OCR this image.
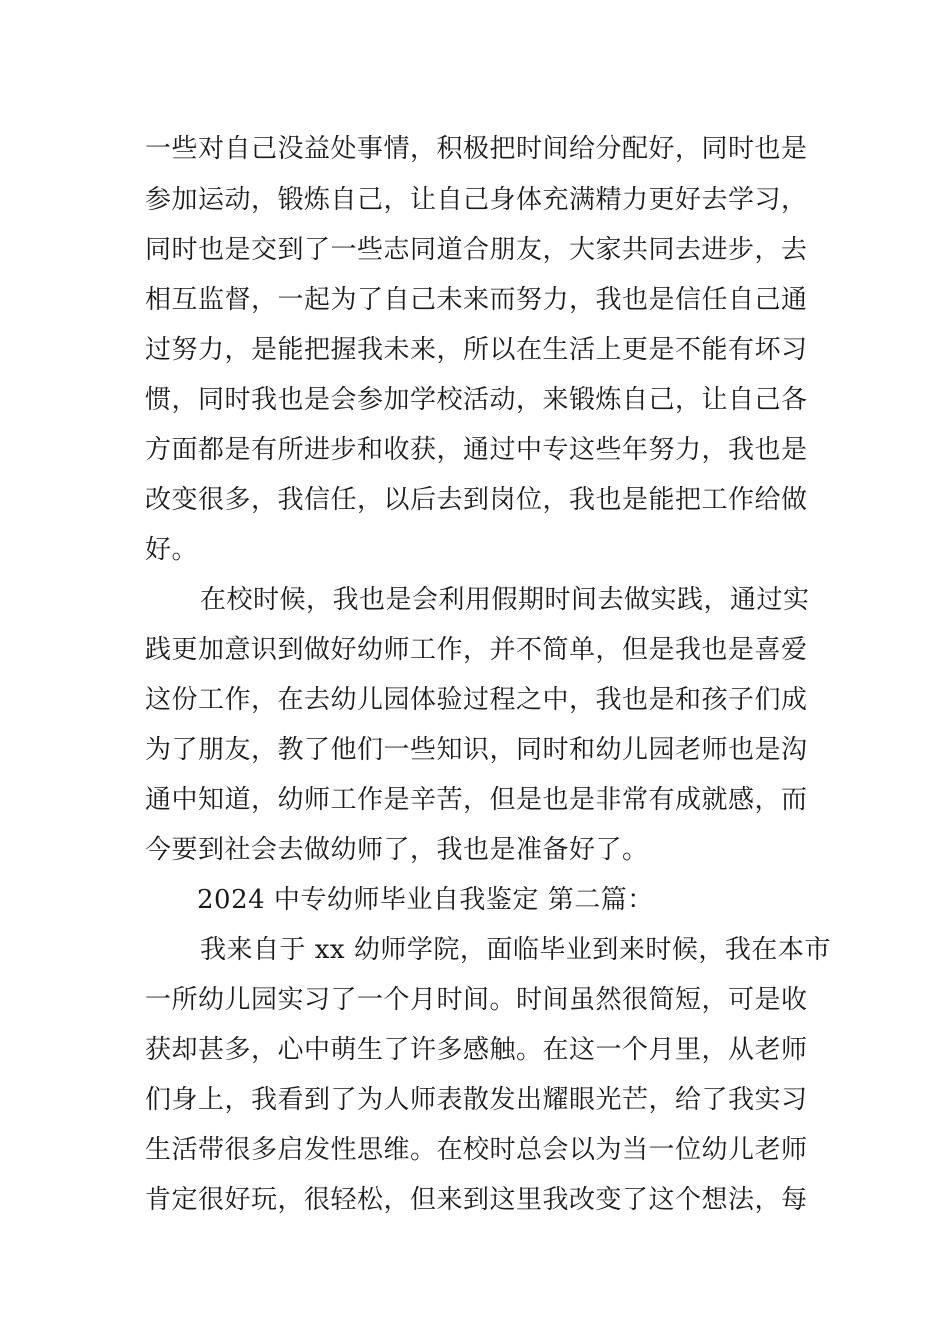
一些对自己没益处事情，积极把时间给分配好，同时也是
参加运动，锻炼自己，让自己身体充满精力更好去学习，
同时也是交到了一些志同道合朋友，大家共同去进步，去
相互监督，一起为了自己未来而努力，我也是信任自己通
过努力，是能把握我未来，所以在生活上更是不能有坏习
惯，同时我也是会参加学校活动，来锻炼自己，让自己各
方面都是有所进步和收获，通过中专这些年努力，我也是
改变很多，我信任，以后去到岗位，我也是能把工作给做
好。
在校时候，我也是会利用假期时间去做实践，通过实
践更加意识到做好幼师工作，并不简单，但是我也是喜爱
这份工作，在去幼儿园体验过程之中，我也是和孩子们成
为了朋友，教了他们一些知识，同时和幼儿园老师也是沟
通中知道，幼师工作是辛苦，但是也是非常有成就感，而
今要到社会去做幼师了，我也是准备好了。
2024 中专幼师毕业自我鉴定 第二篇：
我来自于 xx 幼师学院，面临毕业到来时候，我在本市
一所幼儿园实习了一个月时间。时间虽然很简短，可是收
获却甚多，心中萌生了许多感触。在这一个月里，从老师
们身上，我看到了为人师表散发出耀眼光芒，给了我实习
生活带很多启发性思维。在校时总会以为当一位幼儿老师
肯定很好玩，很轻松，但来到这里我改变了这个想法，每
